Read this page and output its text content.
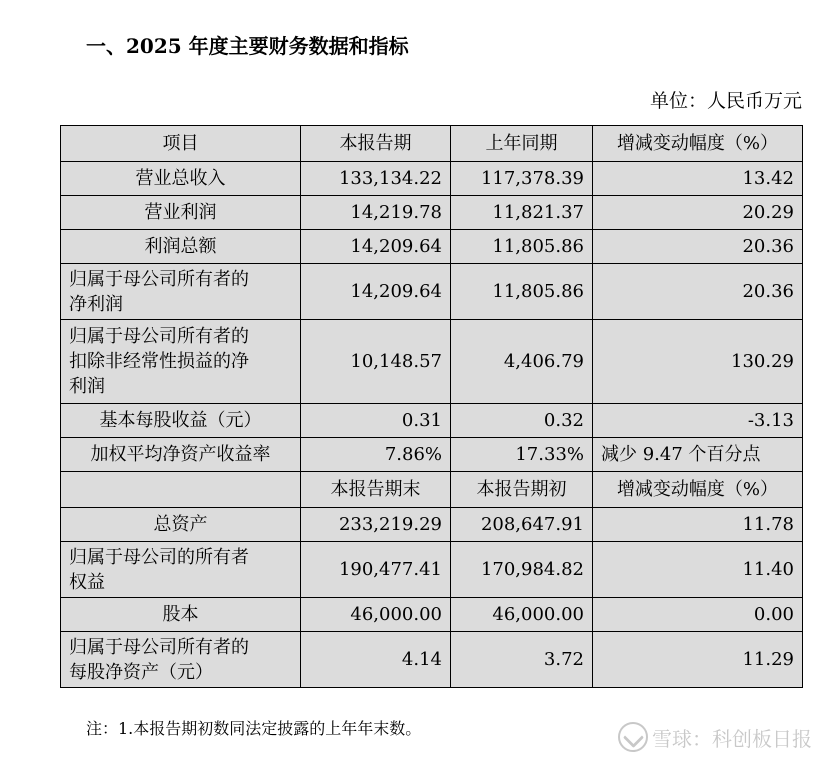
一、2025 年度主要财务数据和指标
单位：人民币万元
项目	本报告期	上年同期	增减变动幅度（%）

营业总收入	133,134.22	117,378.39	13.42

营业利润	14,219.78	11,821.37	20.29

利润总额	14,209.64	11,805.86	20.36

归属于母公司所有者的
净利润	14,209.64	11,805.86	20.36

归属于母公司所有者的
扣除非经常性损益的净
利润	10,148.57	4,406.79	130.29

基本每股收益（元）	0.31	0.32	-3.13

加权平均净资产收益率	7.86%	17.33%	减少 9.47 个百分点
	本报告期末	本报告期初	增减变动幅度（%）

总资产	233,219.29	208,647.91	11.78

归属于母公司的所有者
权益	190,477.41	170,984.82	11.40

股本	46,000.00	46,000.00	0.00

归属于母公司所有者的
每股净资产（元）	4.14	3.72	11.29
注：1.本报告期初数同法定披露的上年年末数。	雪球：科创板日报
